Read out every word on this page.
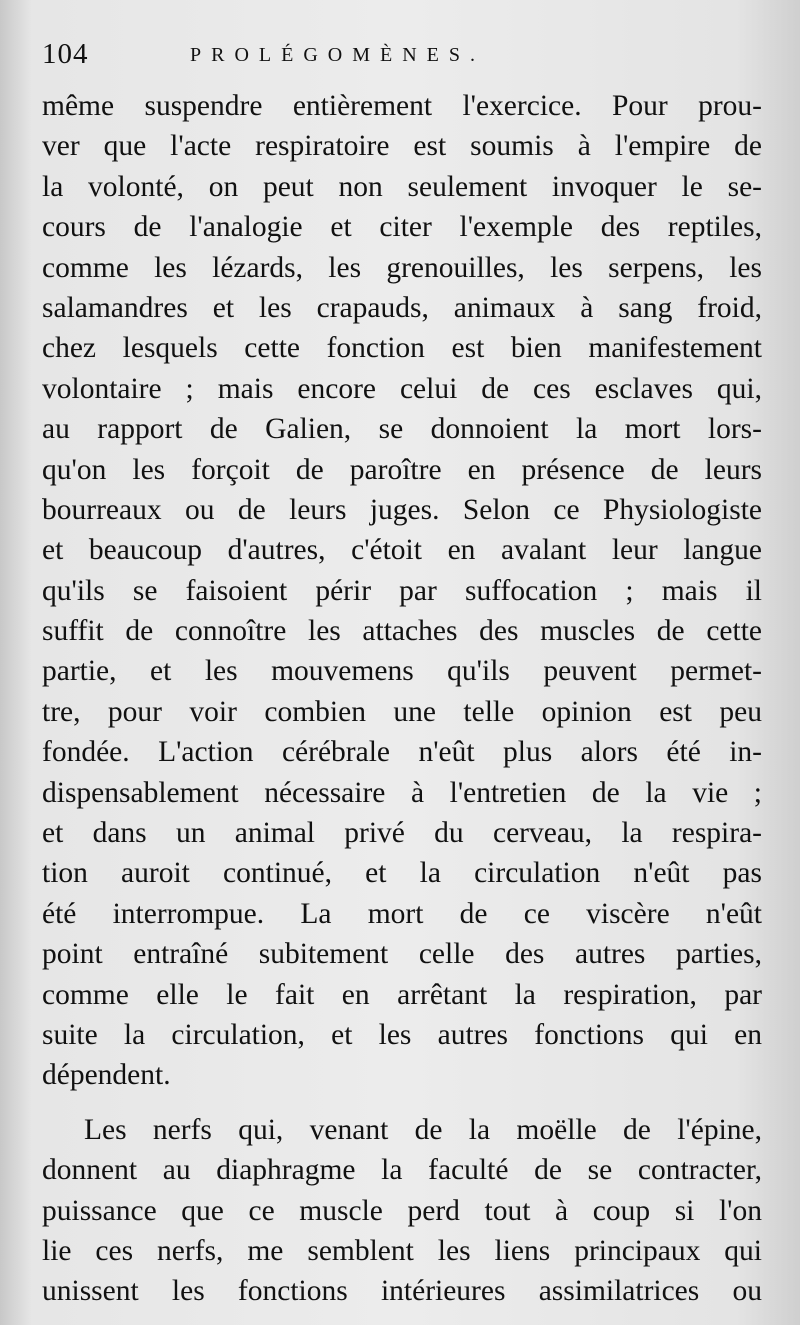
104	PROLÉGOMÈNES.
même suspendre entièrement l'exercice. Pour prou-
ver que l'acte respiratoire est soumis à l'empire de
la volonté, on peut non seulement invoquer le se-
cours de l'analogie et citer l'exemple des reptiles,
comme les lézards, les grenouilles, les serpens, les
salamandres et les crapauds, animaux à sang froid,
chez lesquels cette fonction est bien manifestement
volontaire ; mais encore celui de ces esclaves qui,
au rapport de Galien, se donnoient la mort lors-
qu'on les forçoit de paroître en présence de leurs
bourreaux ou de leurs juges. Selon ce Physiologiste
et beaucoup d'autres, c'étoit en avalant leur langue
qu'ils se faisoient périr par suffocation ; mais il
suffit de connoître les attaches des muscles de cette
partie, et les mouvemens qu'ils peuvent permet-
tre, pour voir combien une telle opinion est peu
fondée. L'action cérébrale n'eût plus alors été in-
dispensablement nécessaire à l'entretien de la vie ;
et dans un animal privé du cerveau, la respira-
tion auroit continué, et la circulation n'eût pas
été interrompue. La mort de ce viscère n'eût
point entraîné subitement celle des autres parties,
comme elle le fait en arrêtant la respiration, par
suite la circulation, et les autres fonctions qui en
dépendent.
Les nerfs qui, venant de la moëlle de l'épine,
donnent au diaphragme la faculté de se contracter,
puissance que ce muscle perd tout à coup si l'on
lie ces nerfs, me semblent les liens principaux qui
unissent les fonctions intérieures assimilatrices ou
